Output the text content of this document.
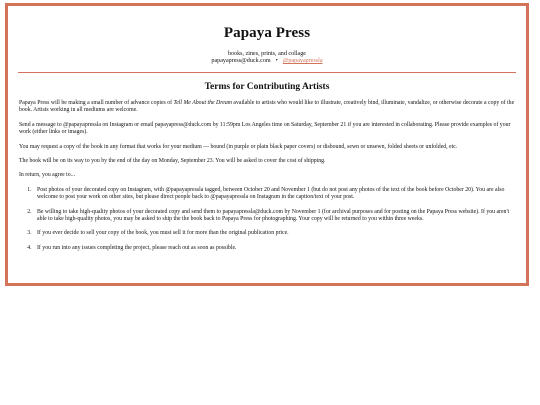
Papaya Press
books, zines, prints, and collage
papayapress@duck.com • @papayapressla
Terms for Contributing Artists

Papaya Press will be making a small number of advance copies of Tell Me About the Dream available to artists who would like to illustrate, creatively bind, illuminate, vandalize, or otherwise decorate a copy of the book. Artists working in all mediums are welcome.

Send a message to @papayapressla on Instagram or email papayapress@duck.com by 11:59pm Los Angeles time on Saturday, September 21 if you are interested in collaborating. Please provide examples of your work (either links or images).

You may request a copy of the book in any format that works for your medium — bound (in purple or plain black paper covers) or disbound, sewn or unsewn, folded sheets or unfolded, etc.

The book will be on its way to you by the end of the day on Monday, September 23. You will be asked to cover the cost of shipping.

In return, you agree to...

1. Post photos of your decorated copy on Instagram, with @papayapressla tagged, between October 20 and November 1 (but do not post any photos of the text of the book before October 20). You are also welcome to post your work on other sites, but please direct people back to @papayapressla on Instagram in the caption/text of your post.
2. Be willing to take high-quality photos of your decorated copy and send them to papayapressla@duck.com by November 1 (for archival purposes and for posting on the Papaya Press website). If you aren't able to take high-quality photos, you may be asked to ship the the book back to Papaya Press for photographing. Your copy will be returned to you within three weeks.
3. If you ever decide to sell your copy of the book, you must sell it for more than the original publication price.
4. If you run into any issues completing the project, please reach out as soon as possible.
